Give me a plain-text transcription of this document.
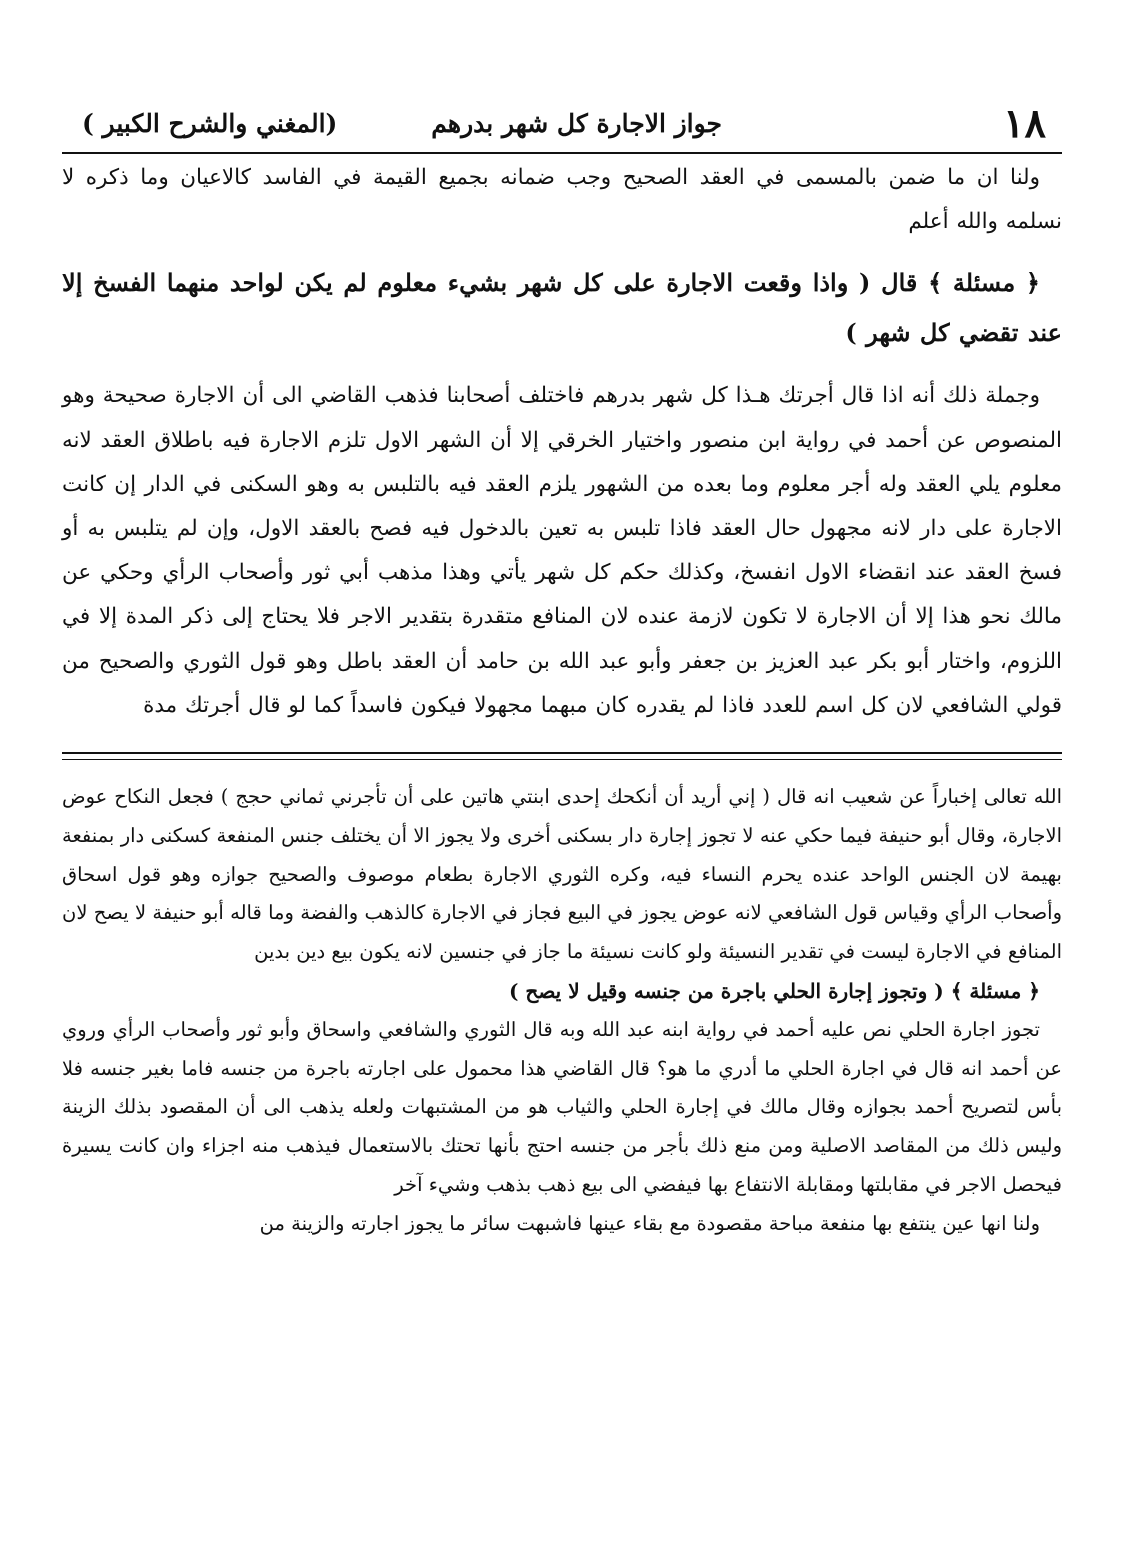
١٨
جواز الاجارة كل شهر بدرهم
(المغني والشرح الكبير )

ولنا ان ما ضمن بالمسمى في العقد الصحيح وجب ضمانه بجميع القيمة في الفاسد كالاعيان وما ذكره لا نسلمه والله أعلم

﴿ مسئلة ﴾ قال ( واذا وقعت الاجارة على كل شهر بشيء معلوم لم يكن لواحد منهما الفسخ إلا عند تقضي كل شهر )

وجملة ذلك أنه اذا قال أجرتك هـذا كل شهر بدرهم فاختلف أصحابنا فذهب القاضي الى أن الاجارة صحيحة وهو المنصوص عن أحمد في رواية ابن منصور واختيار الخرقي إلا أن الشهر الاول تلزم الاجارة فيه باطلاق العقد لانه معلوم يلي العقد وله أجر معلوم وما بعده من الشهور يلزم العقد فيه بالتلبس به وهو السكنى في الدار إن كانت الاجارة على دار لانه مجهول حال العقد فاذا تلبس به تعين بالدخول فيه فصح بالعقد الاول، وإن لم يتلبس به أو فسخ العقد عند انقضاء الاول انفسخ، وكذلك حكم كل شهر يأتي وهذا مذهب أبي ثور وأصحاب الرأي وحكي عن مالك نحو هذا إلا أن الاجارة لا تكون لازمة عنده لان المنافع متقدرة بتقدير الاجر فلا يحتاج إلى ذكر المدة إلا في اللزوم، واختار أبو بكر عبد العزيز بن جعفر وأبو عبد الله بن حامد أن العقد باطل وهو قول الثوري والصحيح من قولي الشافعي لان كل اسم للعدد فاذا لم يقدره كان مبهما مجهولا فيكون فاسداً كما لو قال أجرتك مدة

الله تعالى إخباراً عن شعيب انه قال ( إني أريد أن أنكحك إحدى ابنتي هاتين على أن تأجرني ثماني حجج ) فجعل النكاح عوض الاجارة، وقال أبو حنيفة فيما حكي عنه لا تجوز إجارة دار بسكنى أخرى ولا يجوز الا أن يختلف جنس المنفعة كسكنى دار بمنفعة بهيمة لان الجنس الواحد عنده يحرم النساء فيه، وكره الثوري الاجارة بطعام موصوف والصحيح جوازه وهو قول اسحاق وأصحاب الرأي وقياس قول الشافعي لانه عوض يجوز في البيع فجاز في الاجارة كالذهب والفضة وما قاله أبو حنيفة لا يصح لان المنافع في الاجارة ليست في تقدير النسيئة ولو كانت نسيئة ما جاز في جنسين لانه يكون بيع دين بدين

﴿ مسئلة ﴾ ( وتجوز إجارة الحلي باجرة من جنسه وقيل لا يصح )

تجوز اجارة الحلي نص عليه أحمد في رواية ابنه عبد الله وبه قال الثوري والشافعي واسحاق وأبو ثور وأصحاب الرأي وروي عن أحمد انه قال في اجارة الحلي ما أدري ما هو؟ قال القاضي هذا محمول على اجارته باجرة من جنسه فاما بغير جنسه فلا بأس لتصريح أحمد بجوازه وقال مالك في إجارة الحلي والثياب هو من المشتبهات ولعله يذهب الى أن المقصود بذلك الزينة وليس ذلك من المقاصد الاصلية ومن منع ذلك بأجر من جنسه احتج بأنها تحتك بالاستعمال فيذهب منه اجزاء وان كانت يسيرة فيحصل الاجر في مقابلتها ومقابلة الانتفاع بها فيفضي الى بيع ذهب بذهب وشيء آخر

ولنا انها عين ينتفع بها منفعة مباحة مقصودة مع بقاء عينها فاشبهت سائر ما يجوز اجارته والزينة من
